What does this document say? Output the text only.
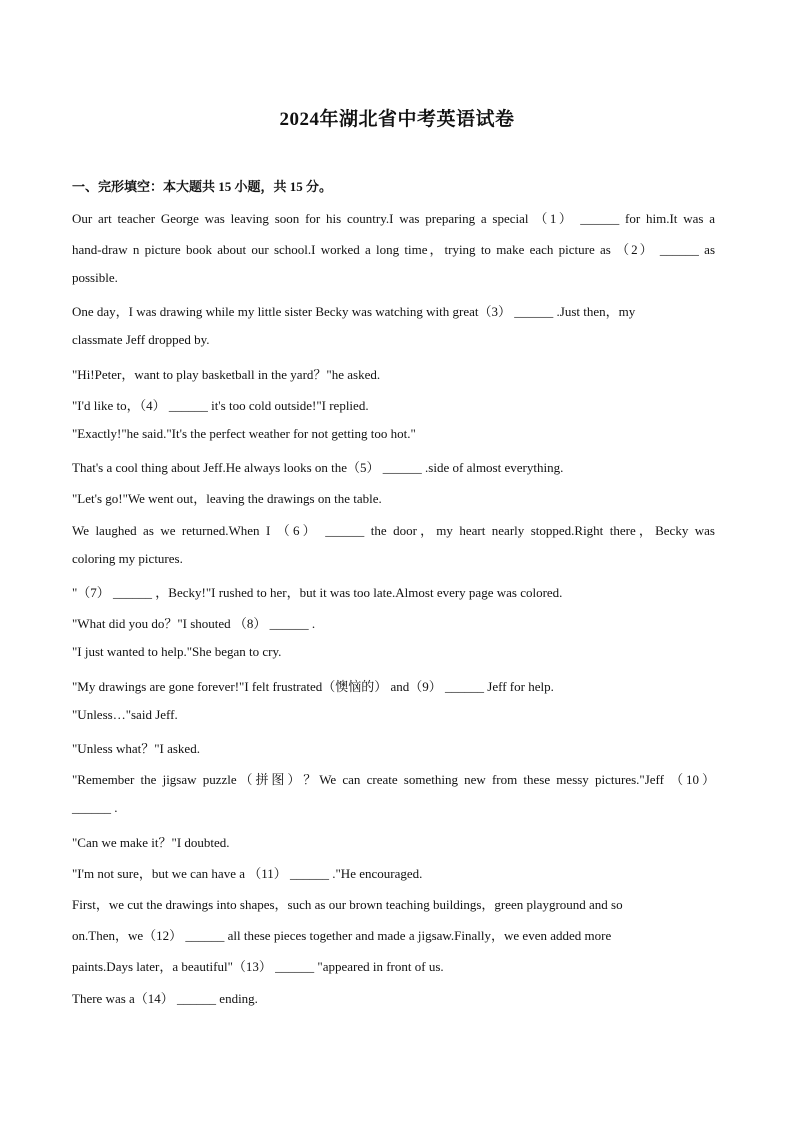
2024年湖北省中考英语试卷
一、完形填空：本大题共 15 小题，共 15 分。
Our art teacher George was leaving soon for his country.I was preparing a special （1） ______ for him.It was a
hand-draw n picture book about our school.I worked a long time，trying to make each picture as （2） ______ as
possible.
One day，I was drawing while my little sister Becky was watching with great（3） ______ .Just then，my
classmate Jeff dropped by.
"Hi!Peter，want to play basketball in the yard？"he asked.
"I'd like to，（4） ______ it's too cold outside!"I replied.
"Exactly!"he said."It's the perfect weather for not getting too hot."
That's a cool thing about Jeff.He always looks on the（5） ______ .side of almost everything.
"Let's go!"We went out，leaving the drawings on the table.
We laughed as we returned.When I （6） ______ the door，my heart nearly stopped.Right there，Becky was
coloring my pictures.
"（7） ______ ，Becky!"I rushed to her，but it was too late.Almost every page was colored.
"What did you do？"I shouted （8） ______ .
"I just wanted to help."She began to cry.
"My drawings are gone forever!"I felt frustrated（懊恼的） and（9） ______ Jeff for help.
"Unless…"said Jeff.
"Unless what？"I asked.
"Remember the jigsaw puzzle（拼图）？We can create something new from these messy pictures."Jeff （10）
______ .
"Can we make it？"I doubted.
"I'm not sure，but we can have a （11） ______ ."He encouraged.
First，we cut the drawings into shapes，such as our brown teaching buildings，green playground and so
on.Then，we（12） ______ all these pieces together and made a jigsaw.Finally，we even added more
paints.Days later，a beautiful"（13） ______ "appeared in front of us.
There was a（14） ______ ending.
